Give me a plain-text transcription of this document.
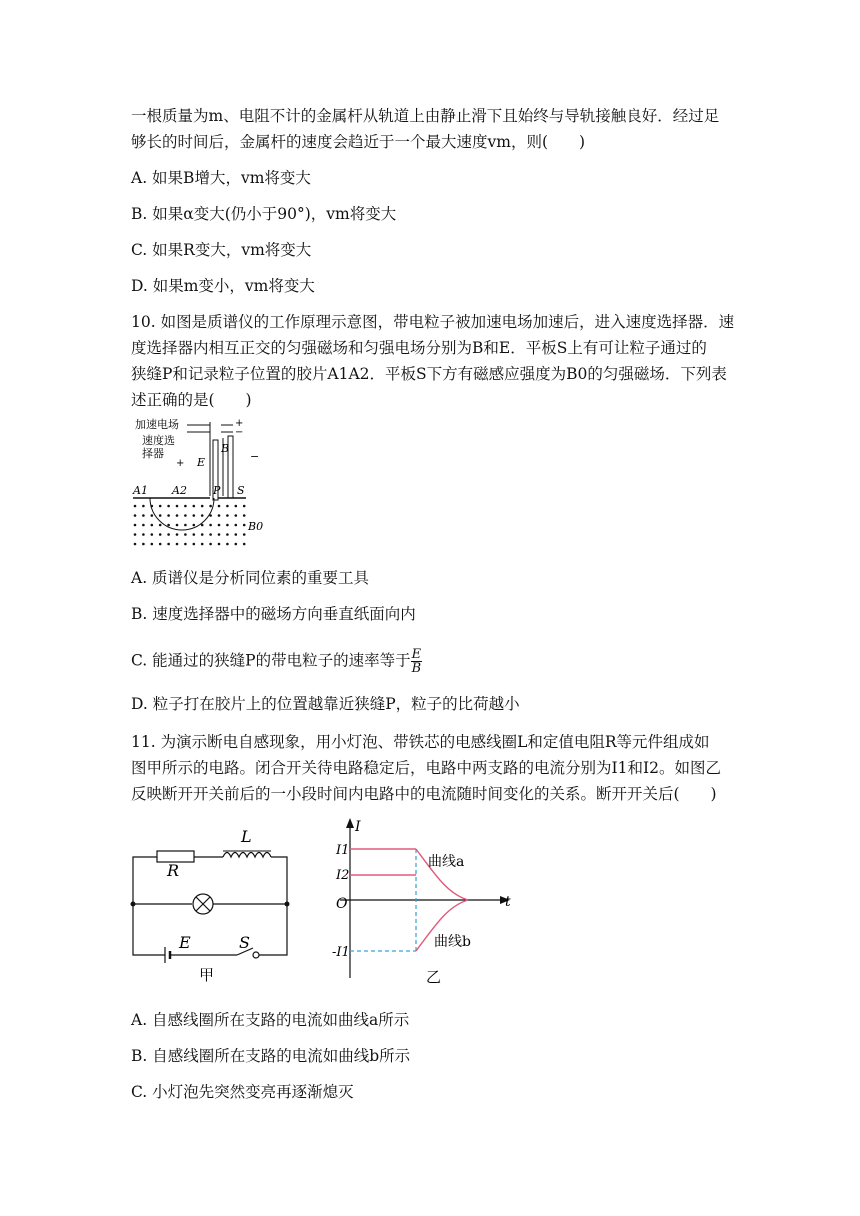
一根质量为m、电阻不计的金属杆从轨道上由静止滑下且始终与导轨接触良好．经过足
够长的时间后，金属杆的速度会趋近于一个最大速度vm，则(　　)
A. 如果B增大，vm将变大
B. 如果α变大(仍小于90°)，vm将变大
C. 如果R变大，vm将变大
D. 如果m变小，vm将变大
10. 如图是质谱仪的工作原理示意图，带电粒子被加速电场加速后，进入速度选择器．速
度选择器内相互正交的匀强磁场和匀强电场分别为B和E．平板S上有可让粒子通过的
狭缝P和记录粒子位置的胶片A1A2．平板S下方有磁感应强度为B0的匀强磁场．下列表
述正确的是(　　)
加速电场	+
−
速度选
择器
+ E
B
−
A1 A2 P S
B0
A. 质谱仪是分析同位素的重要工具
B. 速度选择器中的磁场方向垂直纸面向内
C. 能通过的狭缝P的带电粒子的速率等于 $\frac{E}{B}$
D. 粒子打在胶片上的位置越靠近狭缝P，粒子的比荷越小
11. 为演示断电自感现象，用小灯泡、带铁芯的电感线圈L和定值电阻R等元件组成如
图甲所示的电路。闭合开关待电路稳定后，电路中两支路的电流分别为I1和I2。如图乙
反映断开开关前后的一小段时间内电路中的电流随时间变化的关系。断开开关后(　　)
L
R
E	S
甲
I
t
O
I1
I2
-I1
曲线a
曲线b
乙
A. 自感线圈所在支路的电流如曲线a所示
B. 自感线圈所在支路的电流如曲线b所示
C. 小灯泡先突然变亮再逐渐熄灭
